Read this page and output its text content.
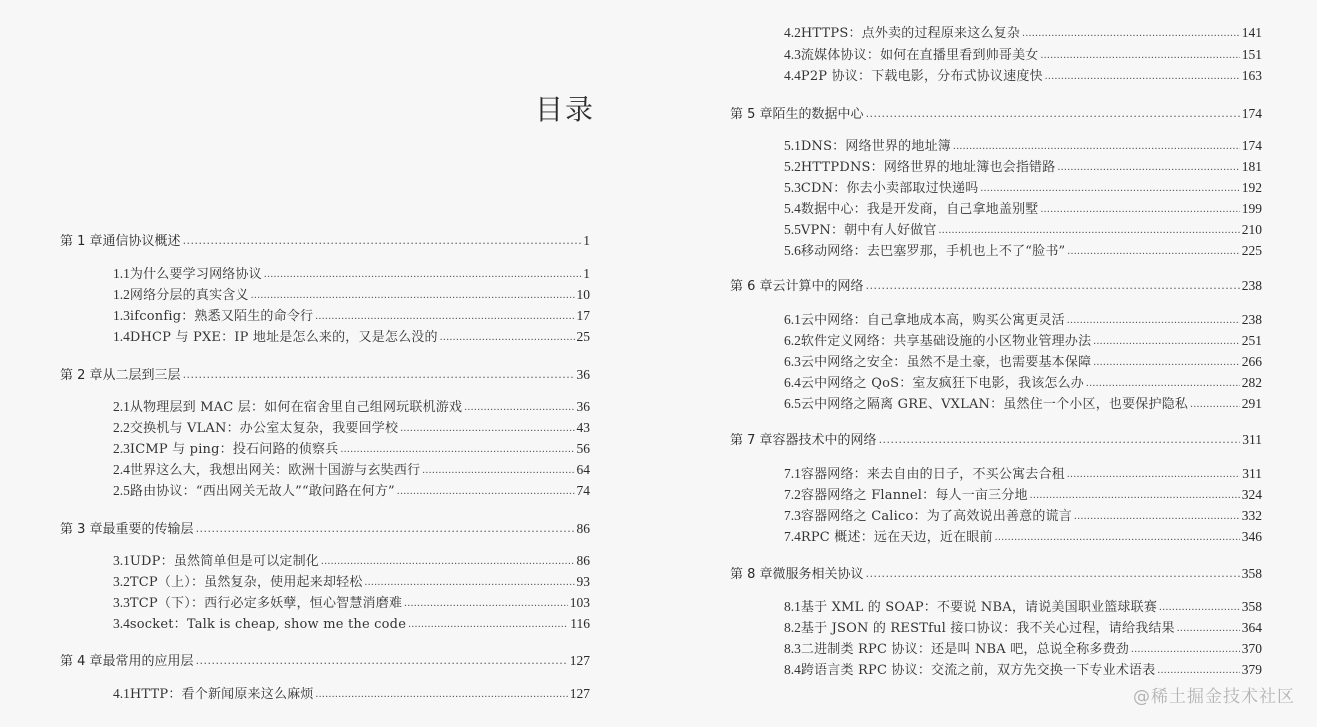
目录
第 1 章 通信协议概述 .....	1
1.1 为什么要学习网络协议 .....	1
1.2 网络分层的真实含义 .....	10
1.3 ifconfig：熟悉又陌生的命令行 .....	17
1.4 DHCP 与 PXE：IP 地址是怎么来的，又是怎么没的 .....	25
第 2 章 从二层到三层 .....	36
2.1 从物理层到 MAC 层：如何在宿舍里自己组网玩联机游戏 .....	36
2.2 交换机与 VLAN：办公室太复杂，我要回学校 .....	43
2.3 ICMP 与 ping：投石问路的侦察兵 .....	56
2.4 世界这么大，我想出网关：欧洲十国游与玄奘西行 .....	64
2.5 路由协议：“西出网关无故人”“敢问路在何方” .....	74
第 3 章 最重要的传输层 .....	86
3.1 UDP：虽然简单但是可以定制化 .....	86
3.2 TCP（上）：虽然复杂，使用起来却轻松 .....	93
3.3 TCP（下）：西行必定多妖孽，恒心智慧消磨难 .....	103
3.4 socket：Talk is cheap, show me the code .....	116
第 4 章 最常用的应用层 .....	127
4.1 HTTP：看个新闻原来这么麻烦 .....	127
4.2 HTTPS：点外卖的过程原来这么复杂 .....	141
4.3 流媒体协议：如何在直播里看到帅哥美女 .....	151
4.4 P2P 协议：下载电影，分布式协议速度快 .....	163
第 5 章 陌生的数据中心 .....	174
5.1 DNS：网络世界的地址簿 .....	174
5.2 HTTPDNS：网络世界的地址簿也会指错路 .....	181
5.3 CDN：你去小卖部取过快递吗 .....	192
5.4 数据中心：我是开发商，自己拿地盖别墅 .....	199
5.5 VPN：朝中有人好做官 .....	210
5.6 移动网络：去巴塞罗那，手机也上不了“脸书” .....	225
第 6 章 云计算中的网络 .....	238
6.1 云中网络：自己拿地成本高，购买公寓更灵活 .....	238
6.2 软件定义网络：共享基础设施的小区物业管理办法 .....	251
6.3 云中网络之安全：虽然不是土豪，也需要基本保障 .....	266
6.4 云中网络之 QoS：室友疯狂下电影，我该怎么办 .....	282
6.5 云中网络之隔离 GRE、VXLAN：虽然住一个小区，也要保护隐私 .....	291
第 7 章 容器技术中的网络 .....	311
7.1 容器网络：来去自由的日子，不买公寓去合租 .....	311
7.2 容器网络之 Flannel：每人一亩三分地 .....	324
7.3 容器网络之 Calico：为了高效说出善意的谎言 .....	332
7.4 RPC 概述：远在天边，近在眼前 .....	346
第 8 章 微服务相关协议 .....	358
8.1 基于 XML 的 SOAP：不要说 NBA，请说美国职业篮球联赛 .....	358
8.2 基于 JSON 的 RESTful 接口协议：我不关心过程，请给我结果 .....	364
8.3 二进制类 RPC 协议：还是叫 NBA 吧，总说全称多费劲 .....	370
8.4 跨语言类 RPC 协议：交流之前，双方先交换一下专业术语表 .....	379
@稀土掘金技术社区
